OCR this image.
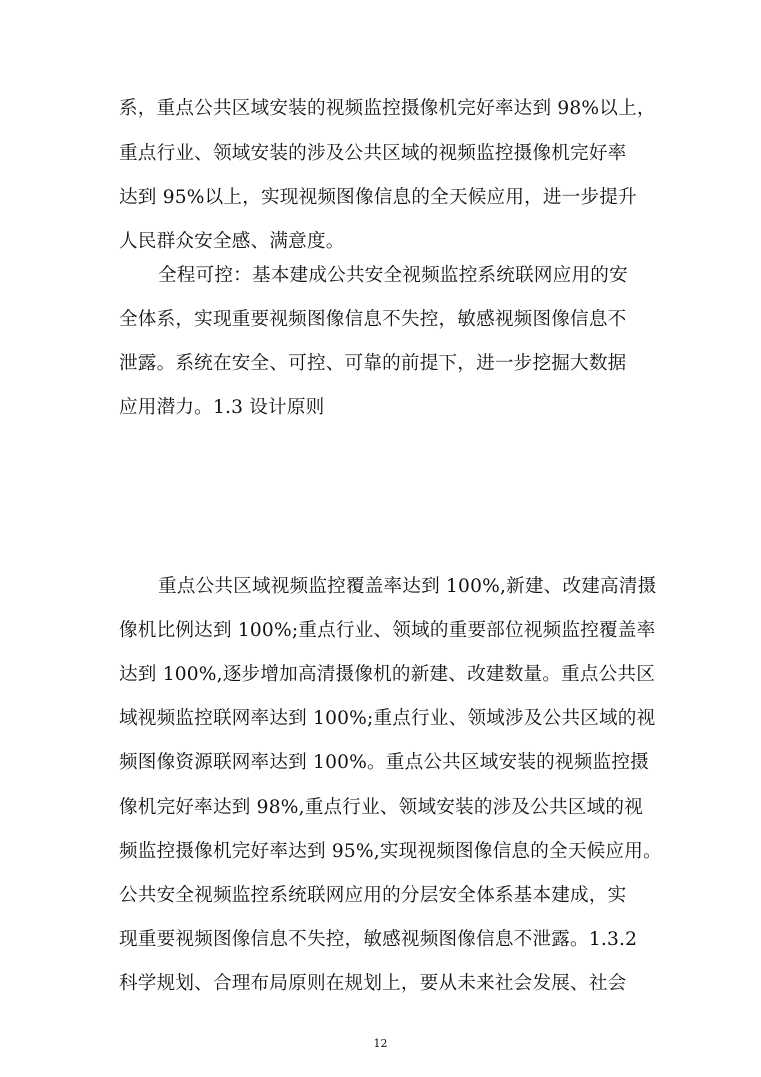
系，重点公共区域安装的视频监控摄像机完好率达到 98%以上，
重点行业、领域安装的涉及公共区域的视频监控摄像机完好率
达到 95%以上，实现视频图像信息的全天候应用，进一步提升
人民群众安全感、满意度。
全程可控：基本建成公共安全视频监控系统联网应用的安
全体系，实现重要视频图像信息不失控，敏感视频图像信息不
泄露。系统在安全、可控、可靠的前提下，进一步挖掘大数据
应用潜力。1.3 设计原则
重点公共区域视频监控覆盖率达到 100%,新建、改建高清摄
像机比例达到 100%;重点行业、领域的重要部位视频监控覆盖率
达到 100%,逐步增加高清摄像机的新建、改建数量。重点公共区
域视频监控联网率达到 100%;重点行业、领域涉及公共区域的视
频图像资源联网率达到 100%。重点公共区域安装的视频监控摄
像机完好率达到 98%,重点行业、领域安装的涉及公共区域的视
频监控摄像机完好率达到 95%,实现视频图像信息的全天候应用。
公共安全视频监控系统联网应用的分层安全体系基本建成，实
现重要视频图像信息不失控，敏感视频图像信息不泄露。1.3.2
科学规划、合理布局原则在规划上，要从未来社会发展、社会
12
